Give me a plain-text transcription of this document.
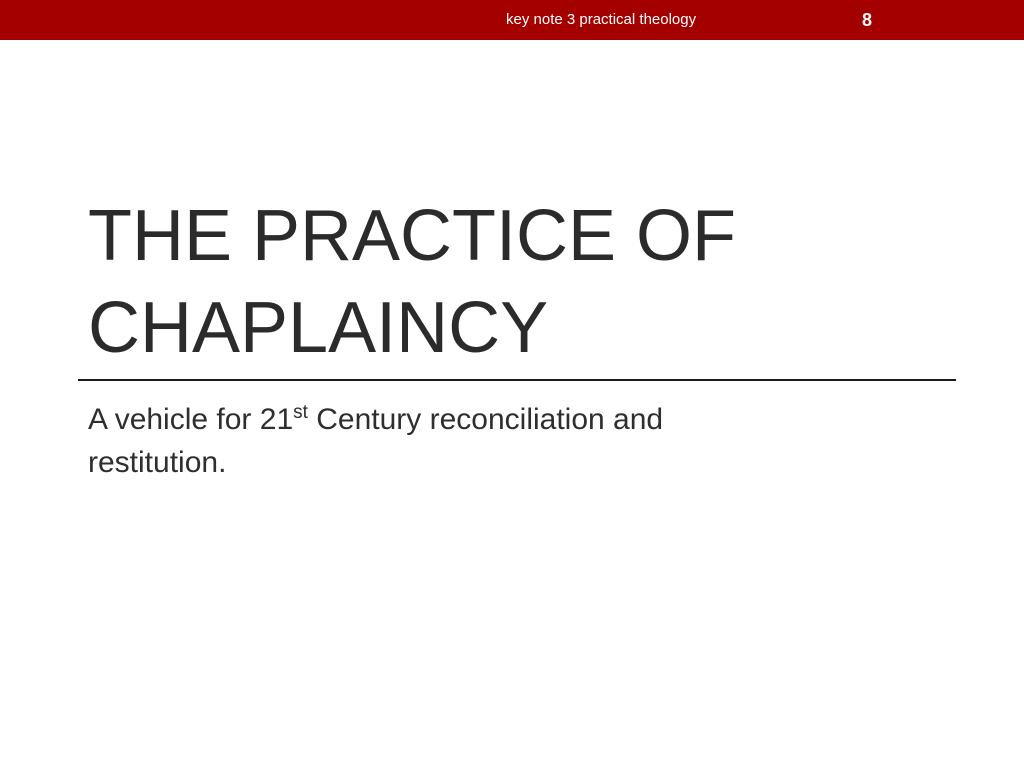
key note 3 practical theology	8
THE PRACTICE OF
CHAPLAINCY

A vehicle for 21st Century reconciliation and
restitution.
